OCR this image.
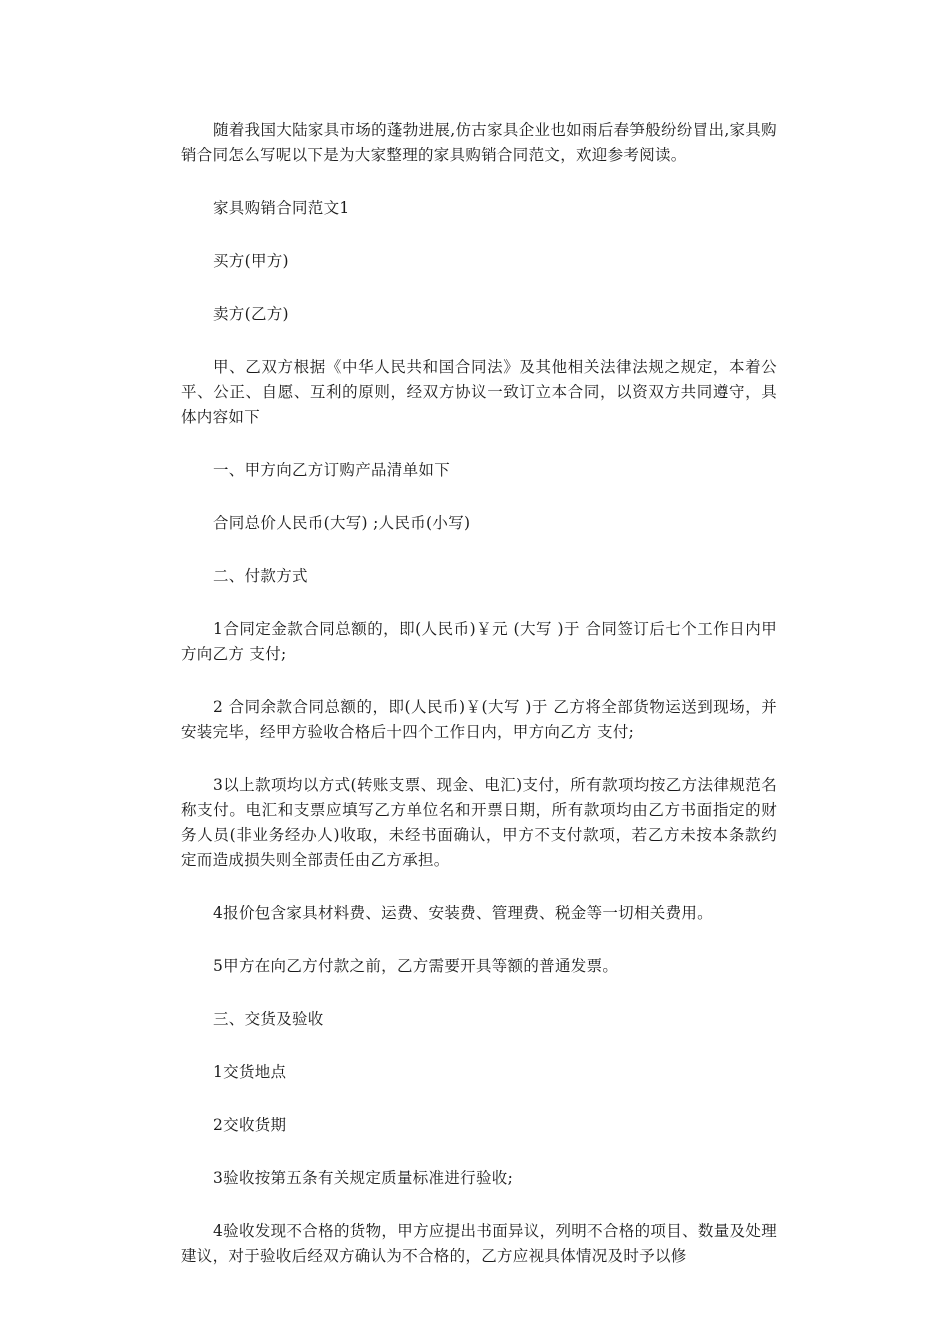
随着我国大陆家具市场的蓬勃进展,仿古家具企业也如雨后春笋般纷纷冒出,家具购销合同怎么写呢以下是为大家整理的家具购销合同范文，欢迎参考阅读。

家具购销合同范文1

买方(甲方)

卖方(乙方)

甲、乙双方根据《中华人民共和国合同法》及其他相关法律法规之规定，本着公平、公正、自愿、互利的原则，经双方协议一致订立本合同，以资双方共同遵守，具体内容如下

一、甲方向乙方订购产品清单如下

合同总价人民币(大写) ;人民币(小写)

二、付款方式

1合同定金款合同总额的，即(人民币)￥元 (大写 )于 合同签订后七个工作日内甲方向乙方 支付;

2 合同余款合同总额的，即(人民币)￥(大写 )于 乙方将全部货物运送到现场，并安装完毕，经甲方验收合格后十四个工作日内，甲方向乙方 支付;

3以上款项均以方式(转账支票、现金、电汇)支付，所有款项均按乙方法律规范名称支付。电汇和支票应填写乙方单位名和开票日期，所有款项均由乙方书面指定的财务人员(非业务经办人)收取，未经书面确认，甲方不支付款项，若乙方未按本条款约定而造成损失则全部责任由乙方承担。

4报价包含家具材料费、运费、安装费、管理费、税金等一切相关费用。

5甲方在向乙方付款之前，乙方需要开具等额的普通发票。

三、交货及验收

1交货地点

2交收货期

3验收按第五条有关规定质量标准进行验收;

4验收发现不合格的货物，甲方应提出书面异议，列明不合格的项目、数量及处理建议，对于验收后经双方确认为不合格的，乙方应视具体情况及时予以修
